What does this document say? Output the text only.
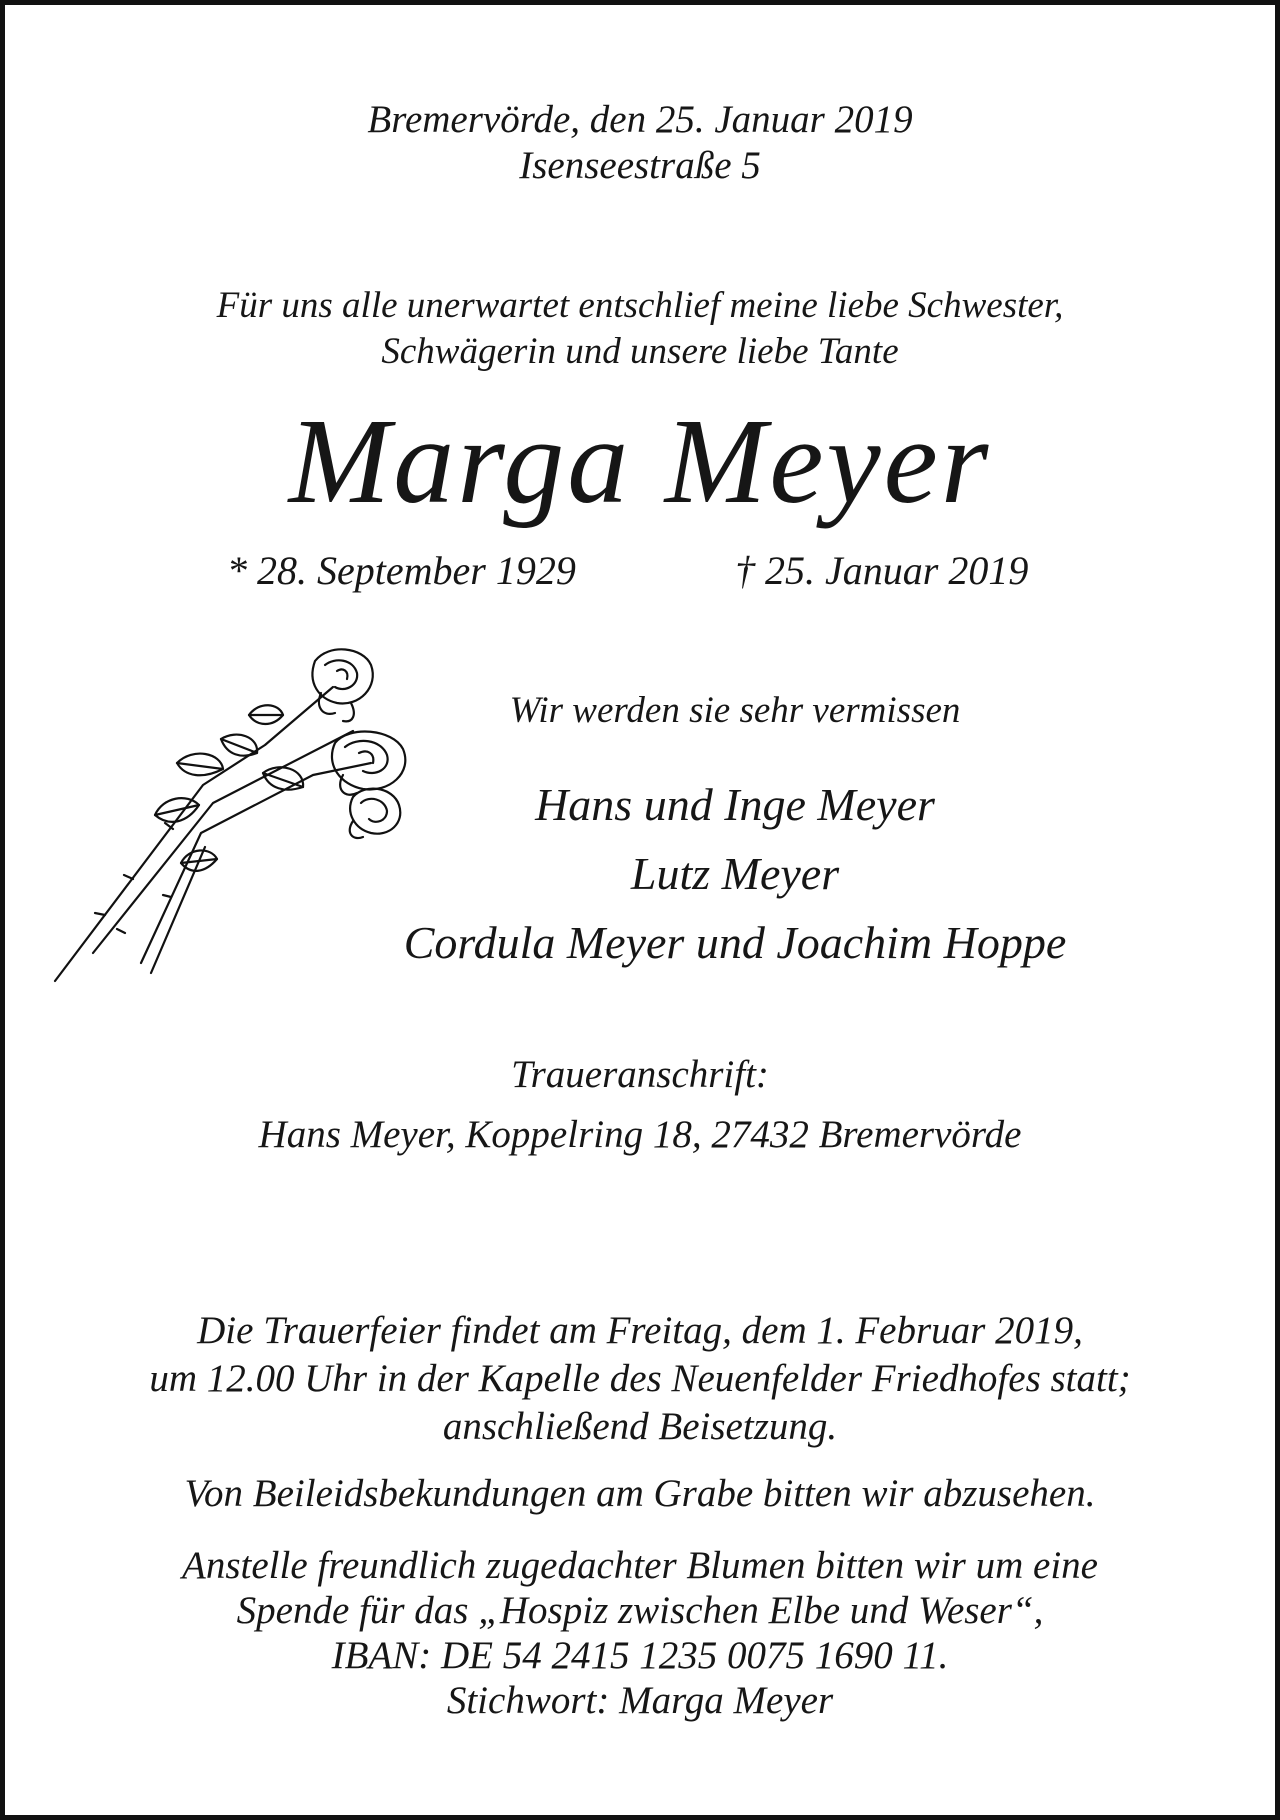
Bremervörde, den 25. Januar 2019
Isenseestraße 5
Für uns alle unerwartet entschlief meine liebe Schwester,
Schwägerin und unsere liebe Tante
Marga Meyer
* 28. September 1929	† 25. Januar 2019
Wir werden sie sehr vermissen
Hans und Inge Meyer
Lutz Meyer
Cordula Meyer und Joachim Hoppe
Traueranschrift:
Hans Meyer, Koppelring 18, 27432 Bremervörde
Die Trauerfeier findet am Freitag, dem 1. Februar 2019,
um 12.00 Uhr in der Kapelle des Neuenfelder Friedhofes statt;
anschließend Beisetzung.
Von Beileidsbekundungen am Grabe bitten wir abzusehen.
Anstelle freundlich zugedachter Blumen bitten wir um eine
Spende für das „Hospiz zwischen Elbe und Weser“,
IBAN: DE 54 2415 1235 0075 1690 11.
Stichwort: Marga Meyer
